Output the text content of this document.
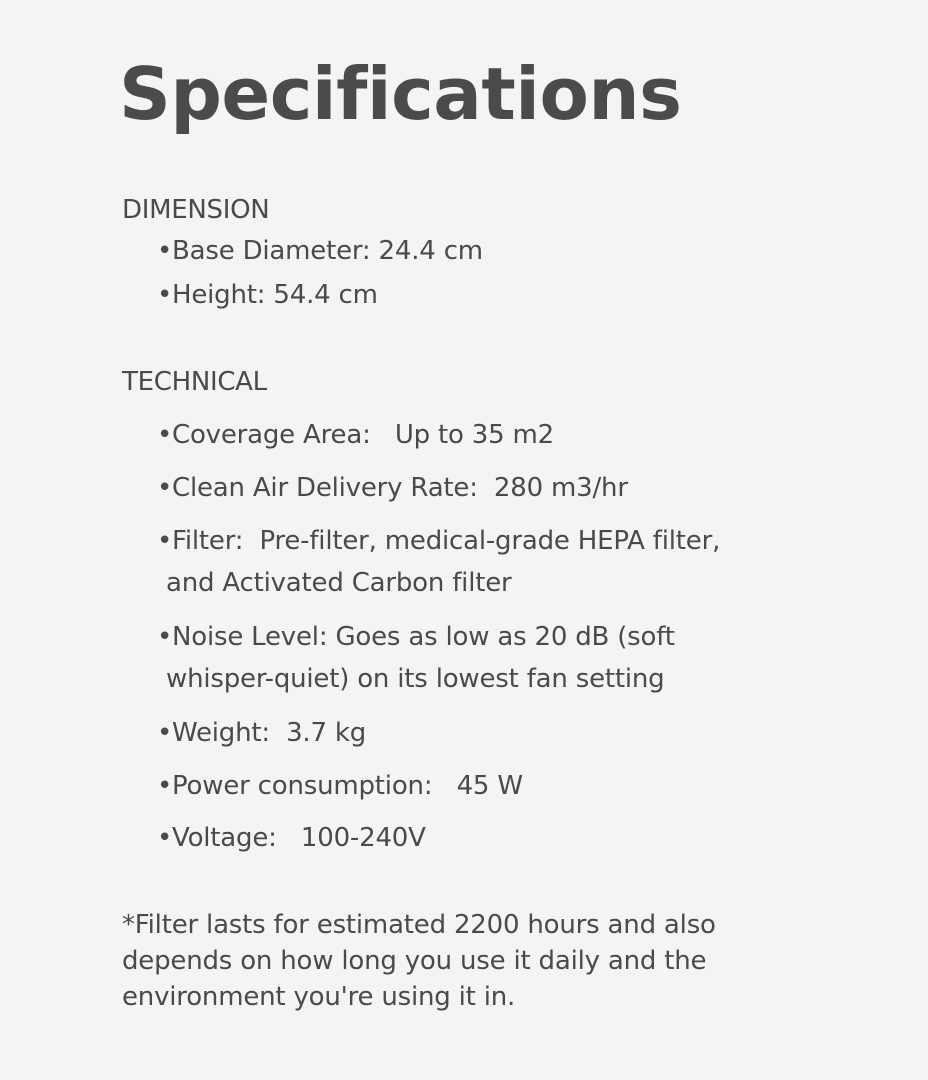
Specifications

DIMENSION

•Base Diameter: 24.4 cm

•Height: 54.4 cm

TECHNICAL

•Coverage Area: Up to 35 m2

•Clean Air Delivery Rate: 280 m3/hr

•Filter: Pre-filter, medical-grade HEPA filter,
and Activated Carbon filter

•Noise Level: Goes as low as 20 dB (soft
whisper-quiet) on its lowest fan setting

•Weight: 3.7 kg

•Power consumption: 45 W

•Voltage: 100-240V

*Filter lasts for estimated 2200 hours and also depends on how long you use it daily and the environment you're using it in.
